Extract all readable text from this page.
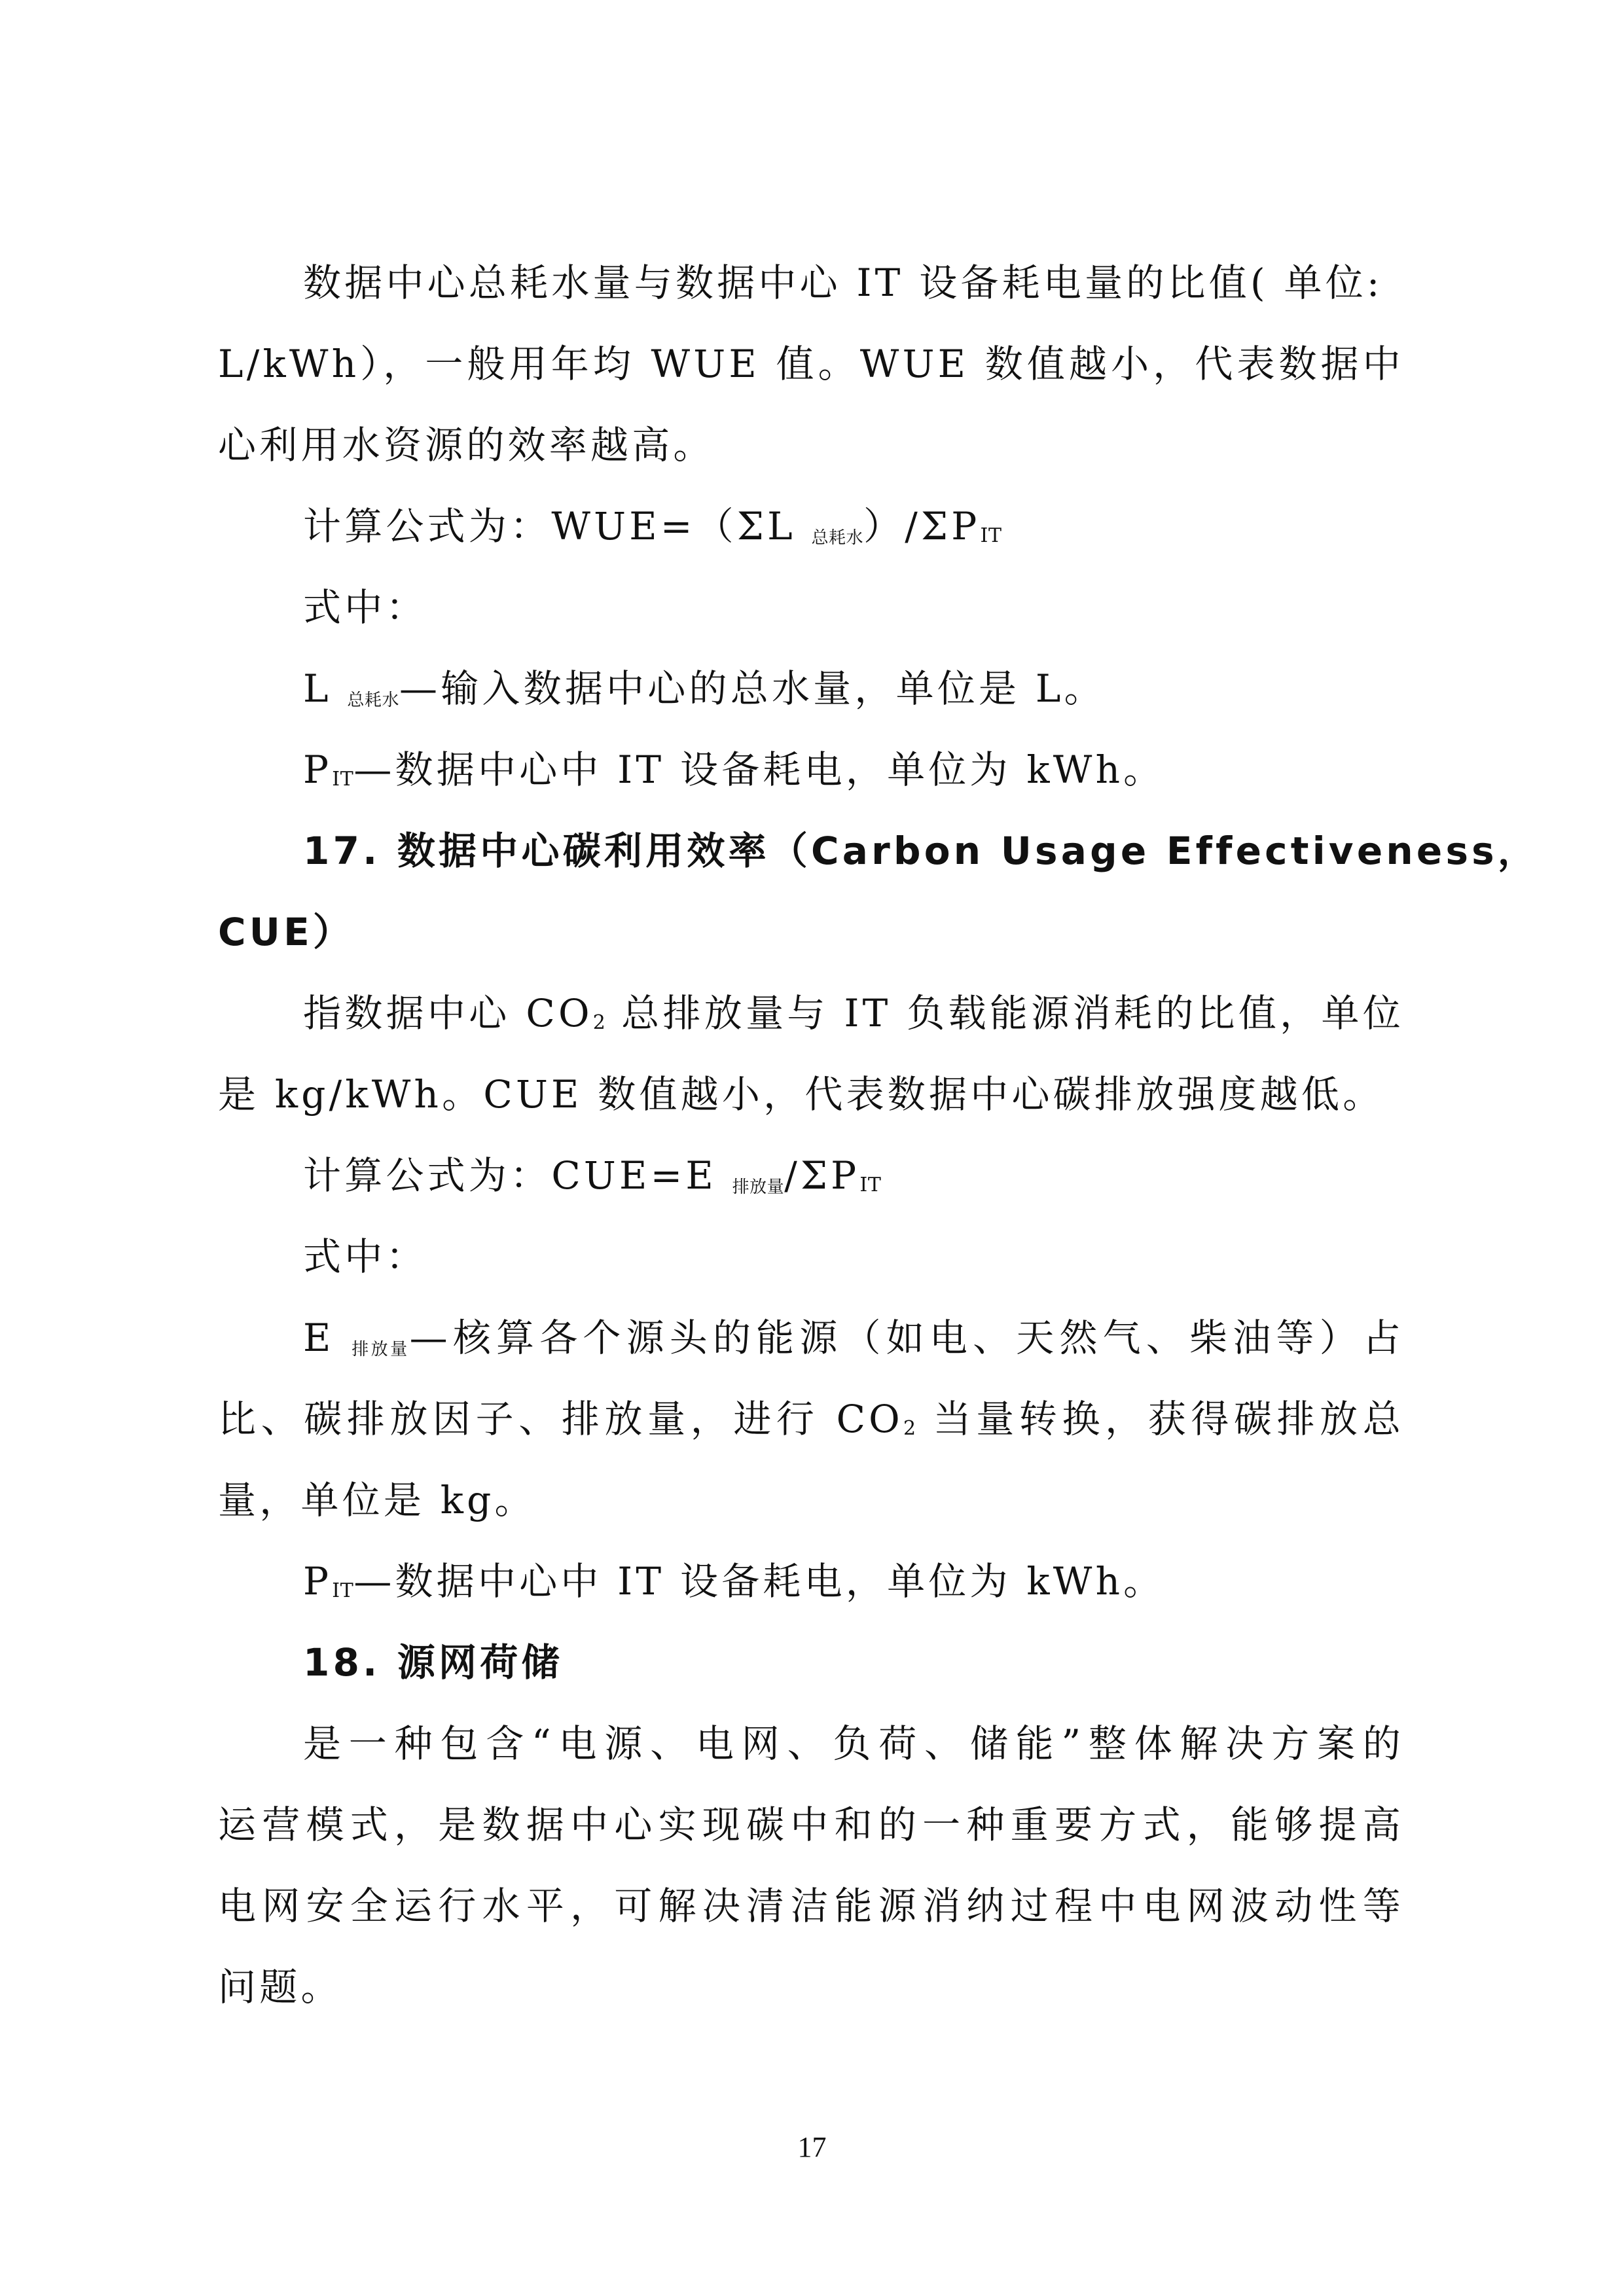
数据中心总耗水量与数据中心 IT 设备耗电量的比值( 单位:
L/kWh），一般用年均 WUE 值。WUE 数值越小，代表数据中
心利用水资源的效率越高。
计算公式为：WUE=（ΣL $_{总耗水})/\Sigma P_{IT}$
式中：
L $_{总耗水}$—输入数据中心的总水量，单位是 L。
$P_{IT}—$数据中心中 IT 设备耗电，单位为 kWh。
17. 数据中心碳利用效率（Carbon Usage Effectiveness，
CUE）
指数据中心 $CO_2$ 总排放量与 IT 负载能源消耗的比值，单位
是 kg/kWh。CUE 数值越小，代表数据中心碳排放强度越低。
计算公式为：CUE=E $_{排放量}/\Sigma P_{IT}$
式中：
E $_{排放量}$—核算各个源头的能源（如电、天然气、柴油等）占
比、碳排放因子、排放量，进行 $CO_2$ 当量转换，获得碳排放总
量，单位是 kg。
$P_{IT}—$数据中心中 IT 设备耗电，单位为 kWh。
18. 源网荷储
是一种包含“电源、电网、负荷、储能”整体解决方案的
运营模式，是数据中心实现碳中和的一种重要方式，能够提高
电网安全运行水平，可解决清洁能源消纳过程中电网波动性等
问题。
17
